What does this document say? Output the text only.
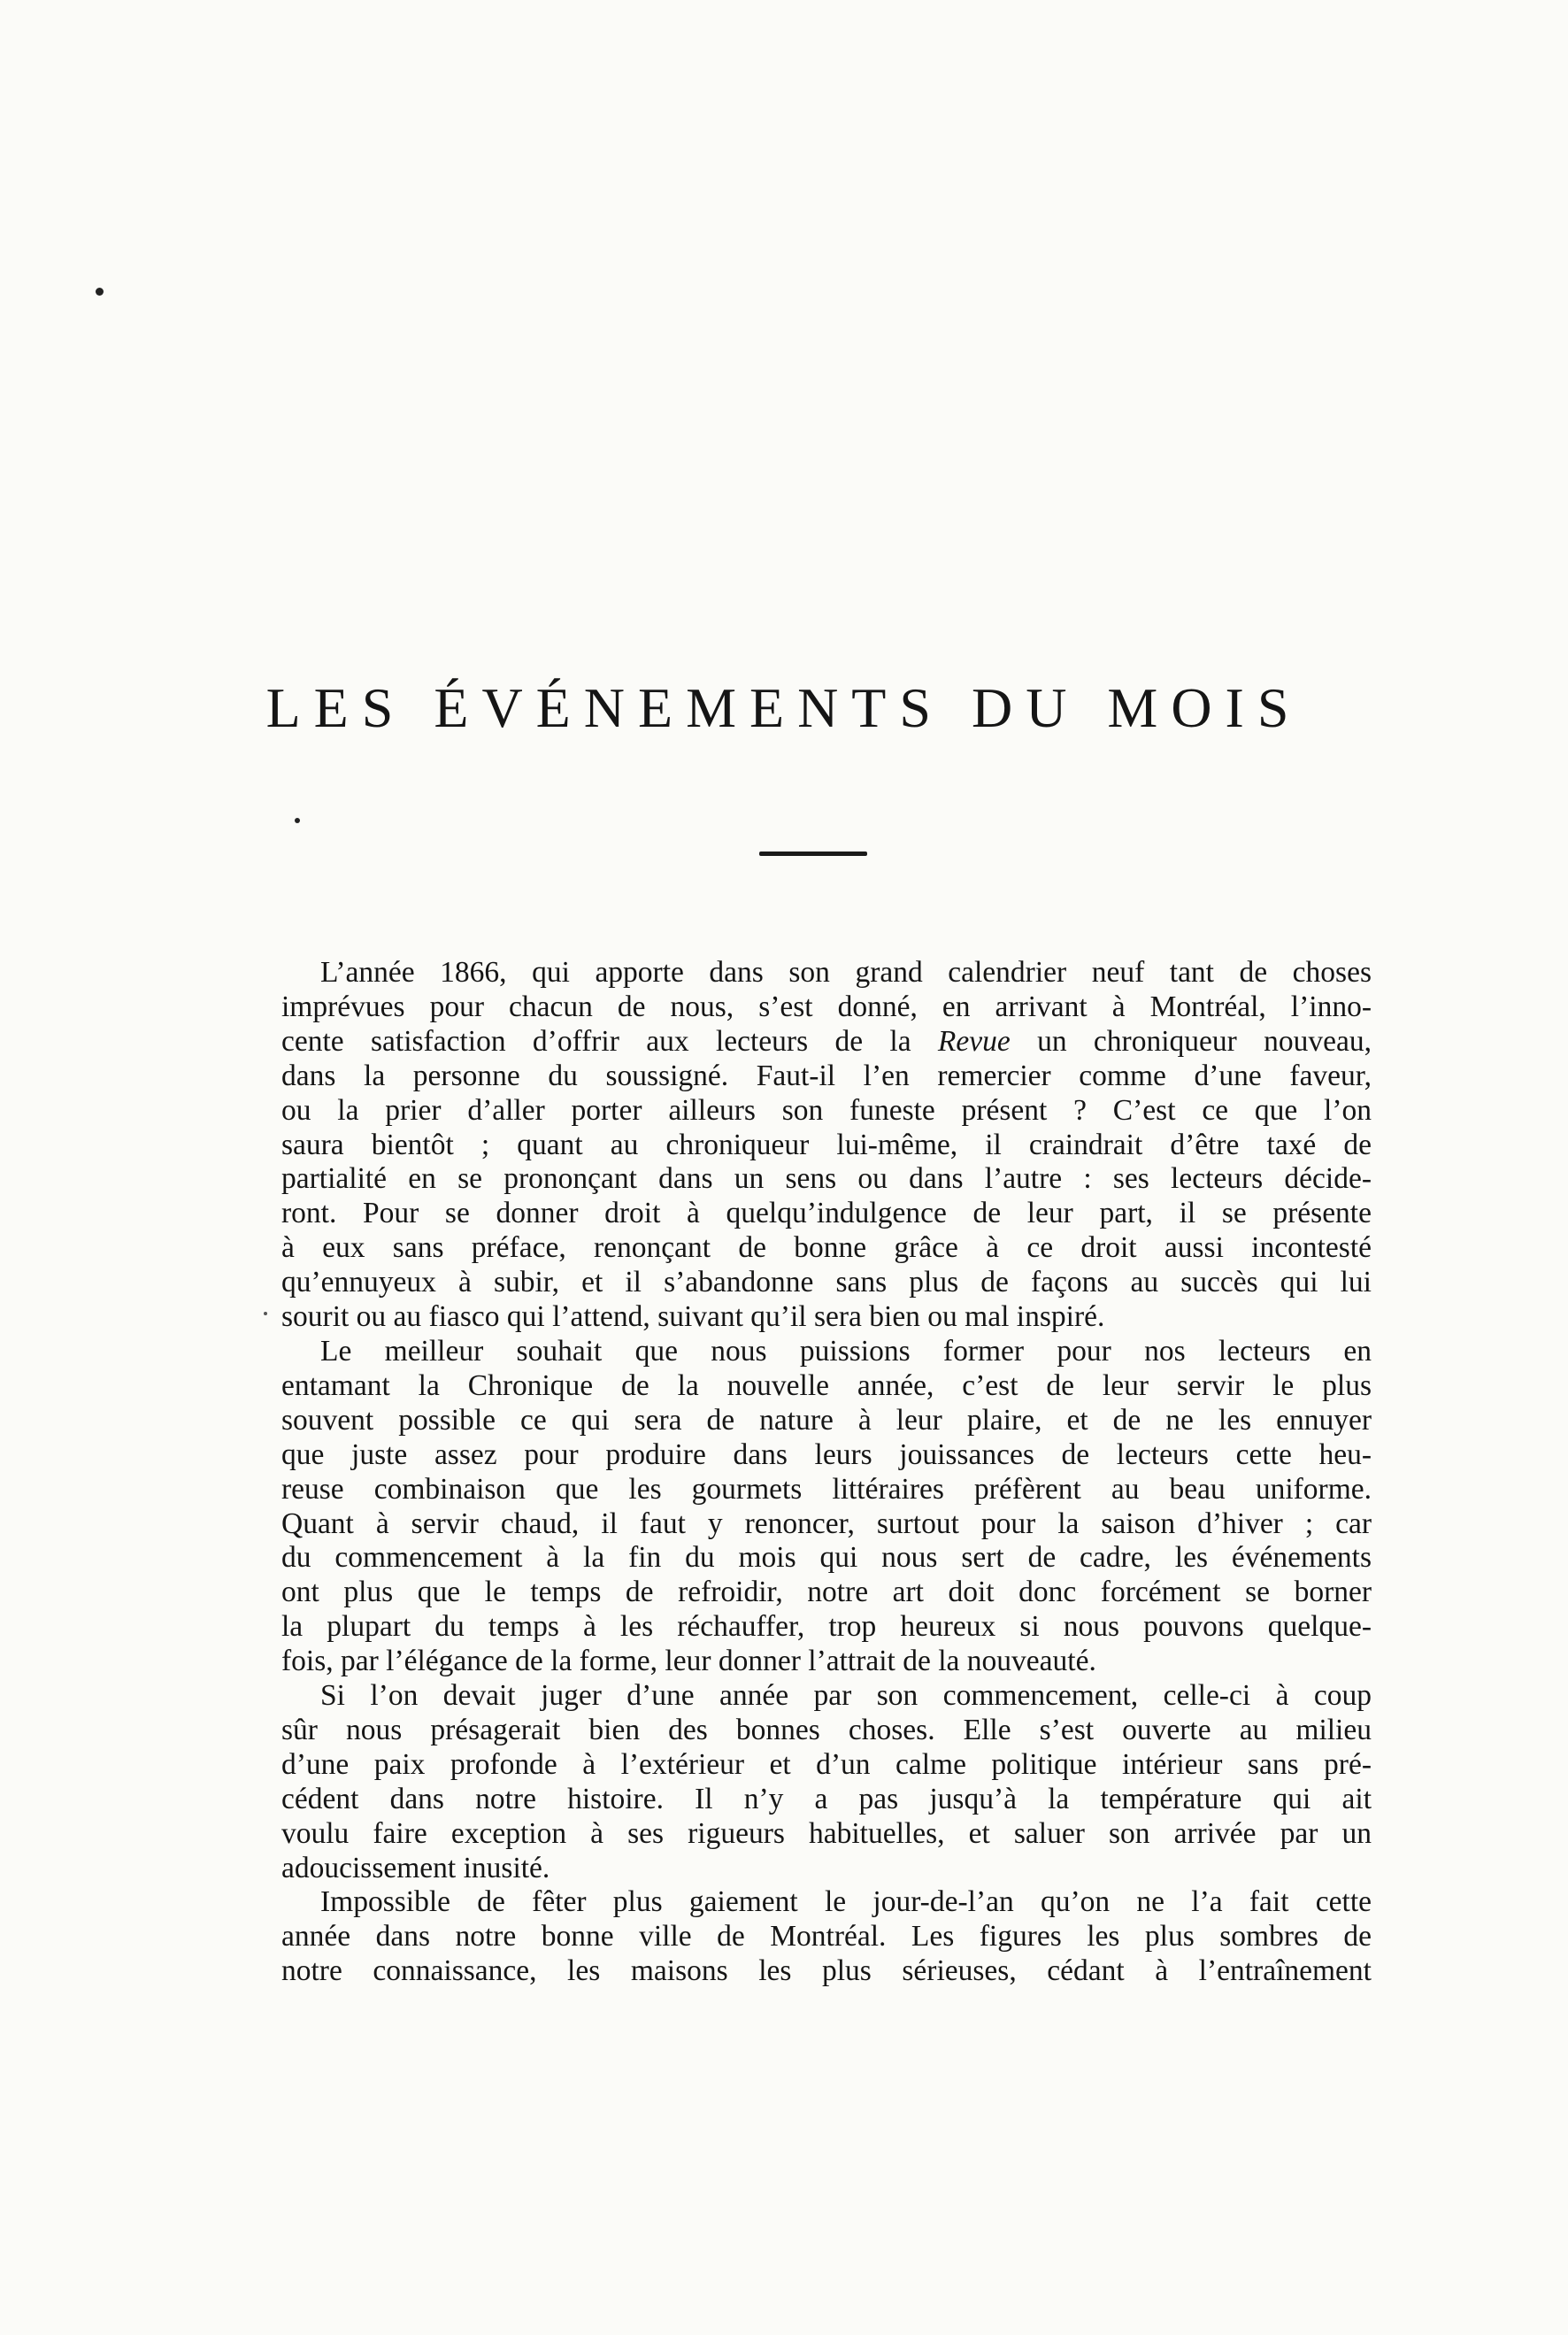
LES ÉVÉNEMENTS DU MOIS
L’année 1866, qui apporte dans son grand calendrier neuf tant de choses
imprévues pour chacun de nous, s’est donné, en arrivant à Montréal, l’inno-
cente satisfaction d’offrir aux lecteurs de la Revue un chroniqueur nouveau,
dans la personne du soussigné. Faut-il l’en remercier comme d’une faveur,
ou la prier d’aller porter ailleurs son funeste présent ? C’est ce que l’on
saura bientôt ; quant au chroniqueur lui-même, il craindrait d’être taxé de
partialité en se prononçant dans un sens ou dans l’autre : ses lecteurs décide-
ront. Pour se donner droit à quelqu’indulgence de leur part, il se présente
à eux sans préface, renonçant de bonne grâce à ce droit aussi incontesté
qu’ennuyeux à subir, et il s’abandonne sans plus de façons au succès qui lui
sourit ou au fiasco qui l’attend, suivant qu’il sera bien ou mal inspiré.
Le meilleur souhait que nous puissions former pour nos lecteurs en
entamant la Chronique de la nouvelle année, c’est de leur servir le plus
souvent possible ce qui sera de nature à leur plaire, et de ne les ennuyer
que juste assez pour produire dans leurs jouissances de lecteurs cette heu-
reuse combinaison que les gourmets littéraires préfèrent au beau uniforme.
Quant à servir chaud, il faut y renoncer, surtout pour la saison d’hiver ; car
du commencement à la fin du mois qui nous sert de cadre, les événements
ont plus que le temps de refroidir, notre art doit donc forcément se borner
la plupart du temps à les réchauffer, trop heureux si nous pouvons quelque-
fois, par l’élégance de la forme, leur donner l’attrait de la nouveauté.
Si l’on devait juger d’une année par son commencement, celle-ci à coup
sûr nous présagerait bien des bonnes choses. Elle s’est ouverte au milieu
d’une paix profonde à l’extérieur et d’un calme politique intérieur sans pré-
cédent dans notre histoire. Il n’y a pas jusqu’à la température qui ait
voulu faire exception à ses rigueurs habituelles, et saluer son arrivée par un
adoucissement inusité.
Impossible de fêter plus gaiement le jour-de-l’an qu’on ne l’a fait cette
année dans notre bonne ville de Montréal. Les figures les plus sombres de
notre connaissance, les maisons les plus sérieuses, cédant à l’entraînement
